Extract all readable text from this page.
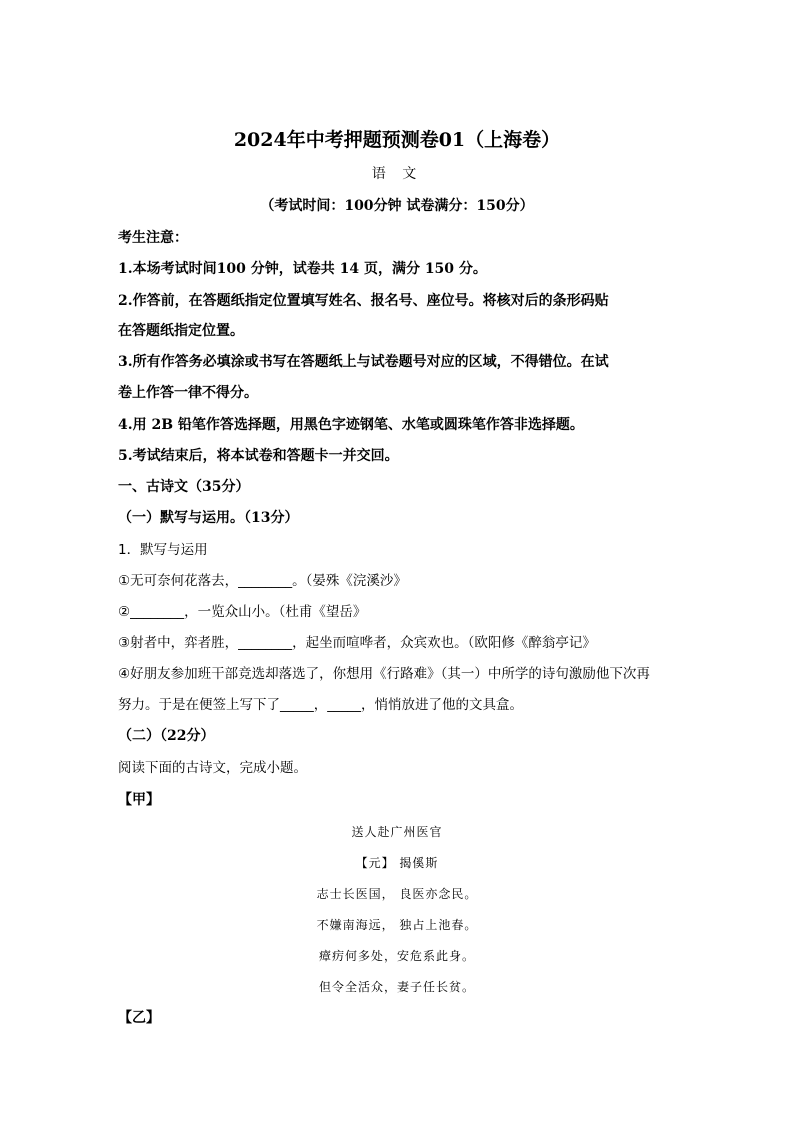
2024年中考押题预测卷01（上海卷）
语 文
（考试时间：100分钟 试卷满分：150分）
考生注意：
1.本场考试时间100 分钟，试卷共 14 页，满分 150 分。
2.作答前，在答题纸指定位置填写姓名、报名号、座位号。将核对后的条形码贴
在答题纸指定位置。
3.所有作答务必填涂或书写在答题纸上与试卷题号对应的区域，不得错位。在试
卷上作答一律不得分。
4.用 2B 铅笔作答选择题，用黑色字迹钢笔、水笔或圆珠笔作答非选择题。
5.考试结束后，将本试卷和答题卡一并交回。
一、古诗文（35分）
（一）默写与运用。（13分）
1．默写与运用
①无可奈何花落去，________。（晏殊《浣溪沙》
②________，一览众山小。（杜甫《望岳》
③射者中，弈者胜，________，起坐而喧哗者，众宾欢也。（欧阳修《醉翁亭记》
④好朋友参加班干部竞选却落选了，你想用《行路难》（其一）中所学的诗句激励他下次再
努力。于是在便签上写下了_____，_____，悄悄放进了他的文具盒。
（二）（22分）
阅读下面的古诗文，完成小题。
【甲】
送人赴广州医官
【元】 揭傒斯
志士长医国， 良医亦念民。
不嫌南海远， 独占上池春。
瘴疠何多处，安危系此身。
但令全活众，妻子任长贫。
【乙】
